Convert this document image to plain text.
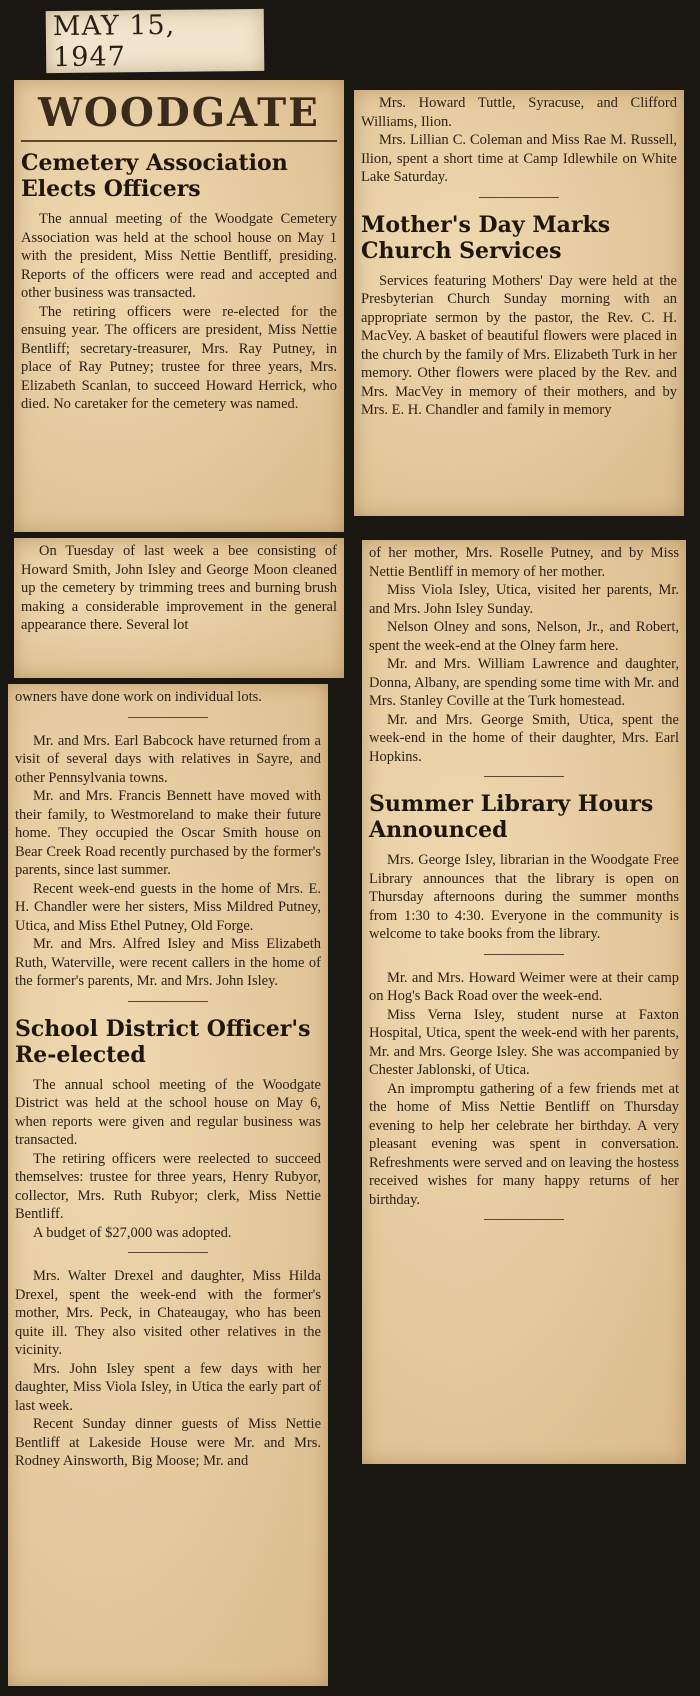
MAY 15, 1947
WOODGATE
Cemetery Association Elects Officers

The annual meeting of the Woodgate Cemetery Association was held at the school house on May 1 with the president, Miss Nettie Bentliff, presiding. Reports of the officers were read and accepted and other business was transacted.

The retiring officers were re-elected for the ensuing year. The officers are president, Miss Nettie Bentliff; secretary-treasurer, Mrs. Ray Putney, in place of Ray Putney; trustee for three years, Mrs. Elizabeth Scanlan, to succeed Howard Herrick, who died. No caretaker for the cemetery was named.

On Tuesday of last week a bee consisting of Howard Smith, John Isley and George Moon cleaned up the cemetery by trimming trees and burning brush making a considerable improvement in the general appearance there. Several lot

owners have done work on individual lots.

Mr. and Mrs. Earl Babcock have returned from a visit of several days with relatives in Sayre, and other Pennsylvania towns.

Mr. and Mrs. Francis Bennett have moved with their family, to Westmoreland to make their future home. They occupied the Oscar Smith house on Bear Creek Road recently purchased by the former's parents, since last summer.

Recent week-end guests in the home of Mrs. E. H. Chandler were her sisters, Miss Mildred Putney, Utica, and Miss Ethel Putney, Old Forge.

Mr. and Mrs. Alfred Isley and Miss Elizabeth Ruth, Waterville, were recent callers in the home of the former's parents, Mr. and Mrs. John Isley.

School District Officer's Re-elected

The annual school meeting of the Woodgate District was held at the school house on May 6, when reports were given and regular business was transacted.

The retiring officers were reelected to succeed themselves: trustee for three years, Henry Rubyor, collector, Mrs. Ruth Rubyor; clerk, Miss Nettie Bentliff.

A budget of $27,000 was adopted.

Mrs. Walter Drexel and daughter, Miss Hilda Drexel, spent the week-end with the former's mother, Mrs. Peck, in Chateaugay, who has been quite ill. They also visited other relatives in the vicinity.

Mrs. John Isley spent a few days with her daughter, Miss Viola Isley, in Utica the early part of last week.

Recent Sunday dinner guests of Miss Nettie Bentliff at Lakeside House were Mr. and Mrs. Rodney Ainsworth, Big Moose; Mr. and

Mrs. Howard Tuttle, Syracuse, and Clifford Williams, Ilion.

Mrs. Lillian C. Coleman and Miss Rae M. Russell, Ilion, spent a short time at Camp Idlewhile on White Lake Saturday.

Mother's Day Marks Church Services

Services featuring Mothers' Day were held at the Presbyterian Church Sunday morning with an appropriate sermon by the pastor, the Rev. C. H. MacVey. A basket of beautiful flowers were placed in the church by the family of Mrs. Elizabeth Turk in her memory. Other flowers were placed by the Rev. and Mrs. MacVey in memory of their mothers, and by Mrs. E. H. Chandler and family in memory

of her mother, Mrs. Roselle Putney, and by Miss Nettie Bentliff in memory of her mother.

Miss Viola Isley, Utica, visited her parents, Mr. and Mrs. John Isley Sunday.

Nelson Olney and sons, Nelson, Jr., and Robert, spent the week-end at the Olney farm here.

Mr. and Mrs. William Lawrence and daughter, Donna, Albany, are spending some time with Mr. and Mrs. Stanley Coville at the Turk homestead.

Mr. and Mrs. George Smith, Utica, spent the week-end in the home of their daughter, Mrs. Earl Hopkins.

Summer Library Hours Announced

Mrs. George Isley, librarian in the Woodgate Free Library announces that the library is open on Thursday afternoons during the summer months from 1:30 to 4:30. Everyone in the community is welcome to take books from the library.

Mr. and Mrs. Howard Weimer were at their camp on Hog's Back Road over the week-end.

Miss Verna Isley, student nurse at Faxton Hospital, Utica, spent the week-end with her parents, Mr. and Mrs. George Isley. She was accompanied by Chester Jablonski, of Utica.

An impromptu gathering of a few friends met at the home of Miss Nettie Bentliff on Thursday evening to help her celebrate her birthday. A very pleasant evening was spent in conversation. Refreshments were served and on leaving the hostess received wishes for many happy returns of her birthday.
